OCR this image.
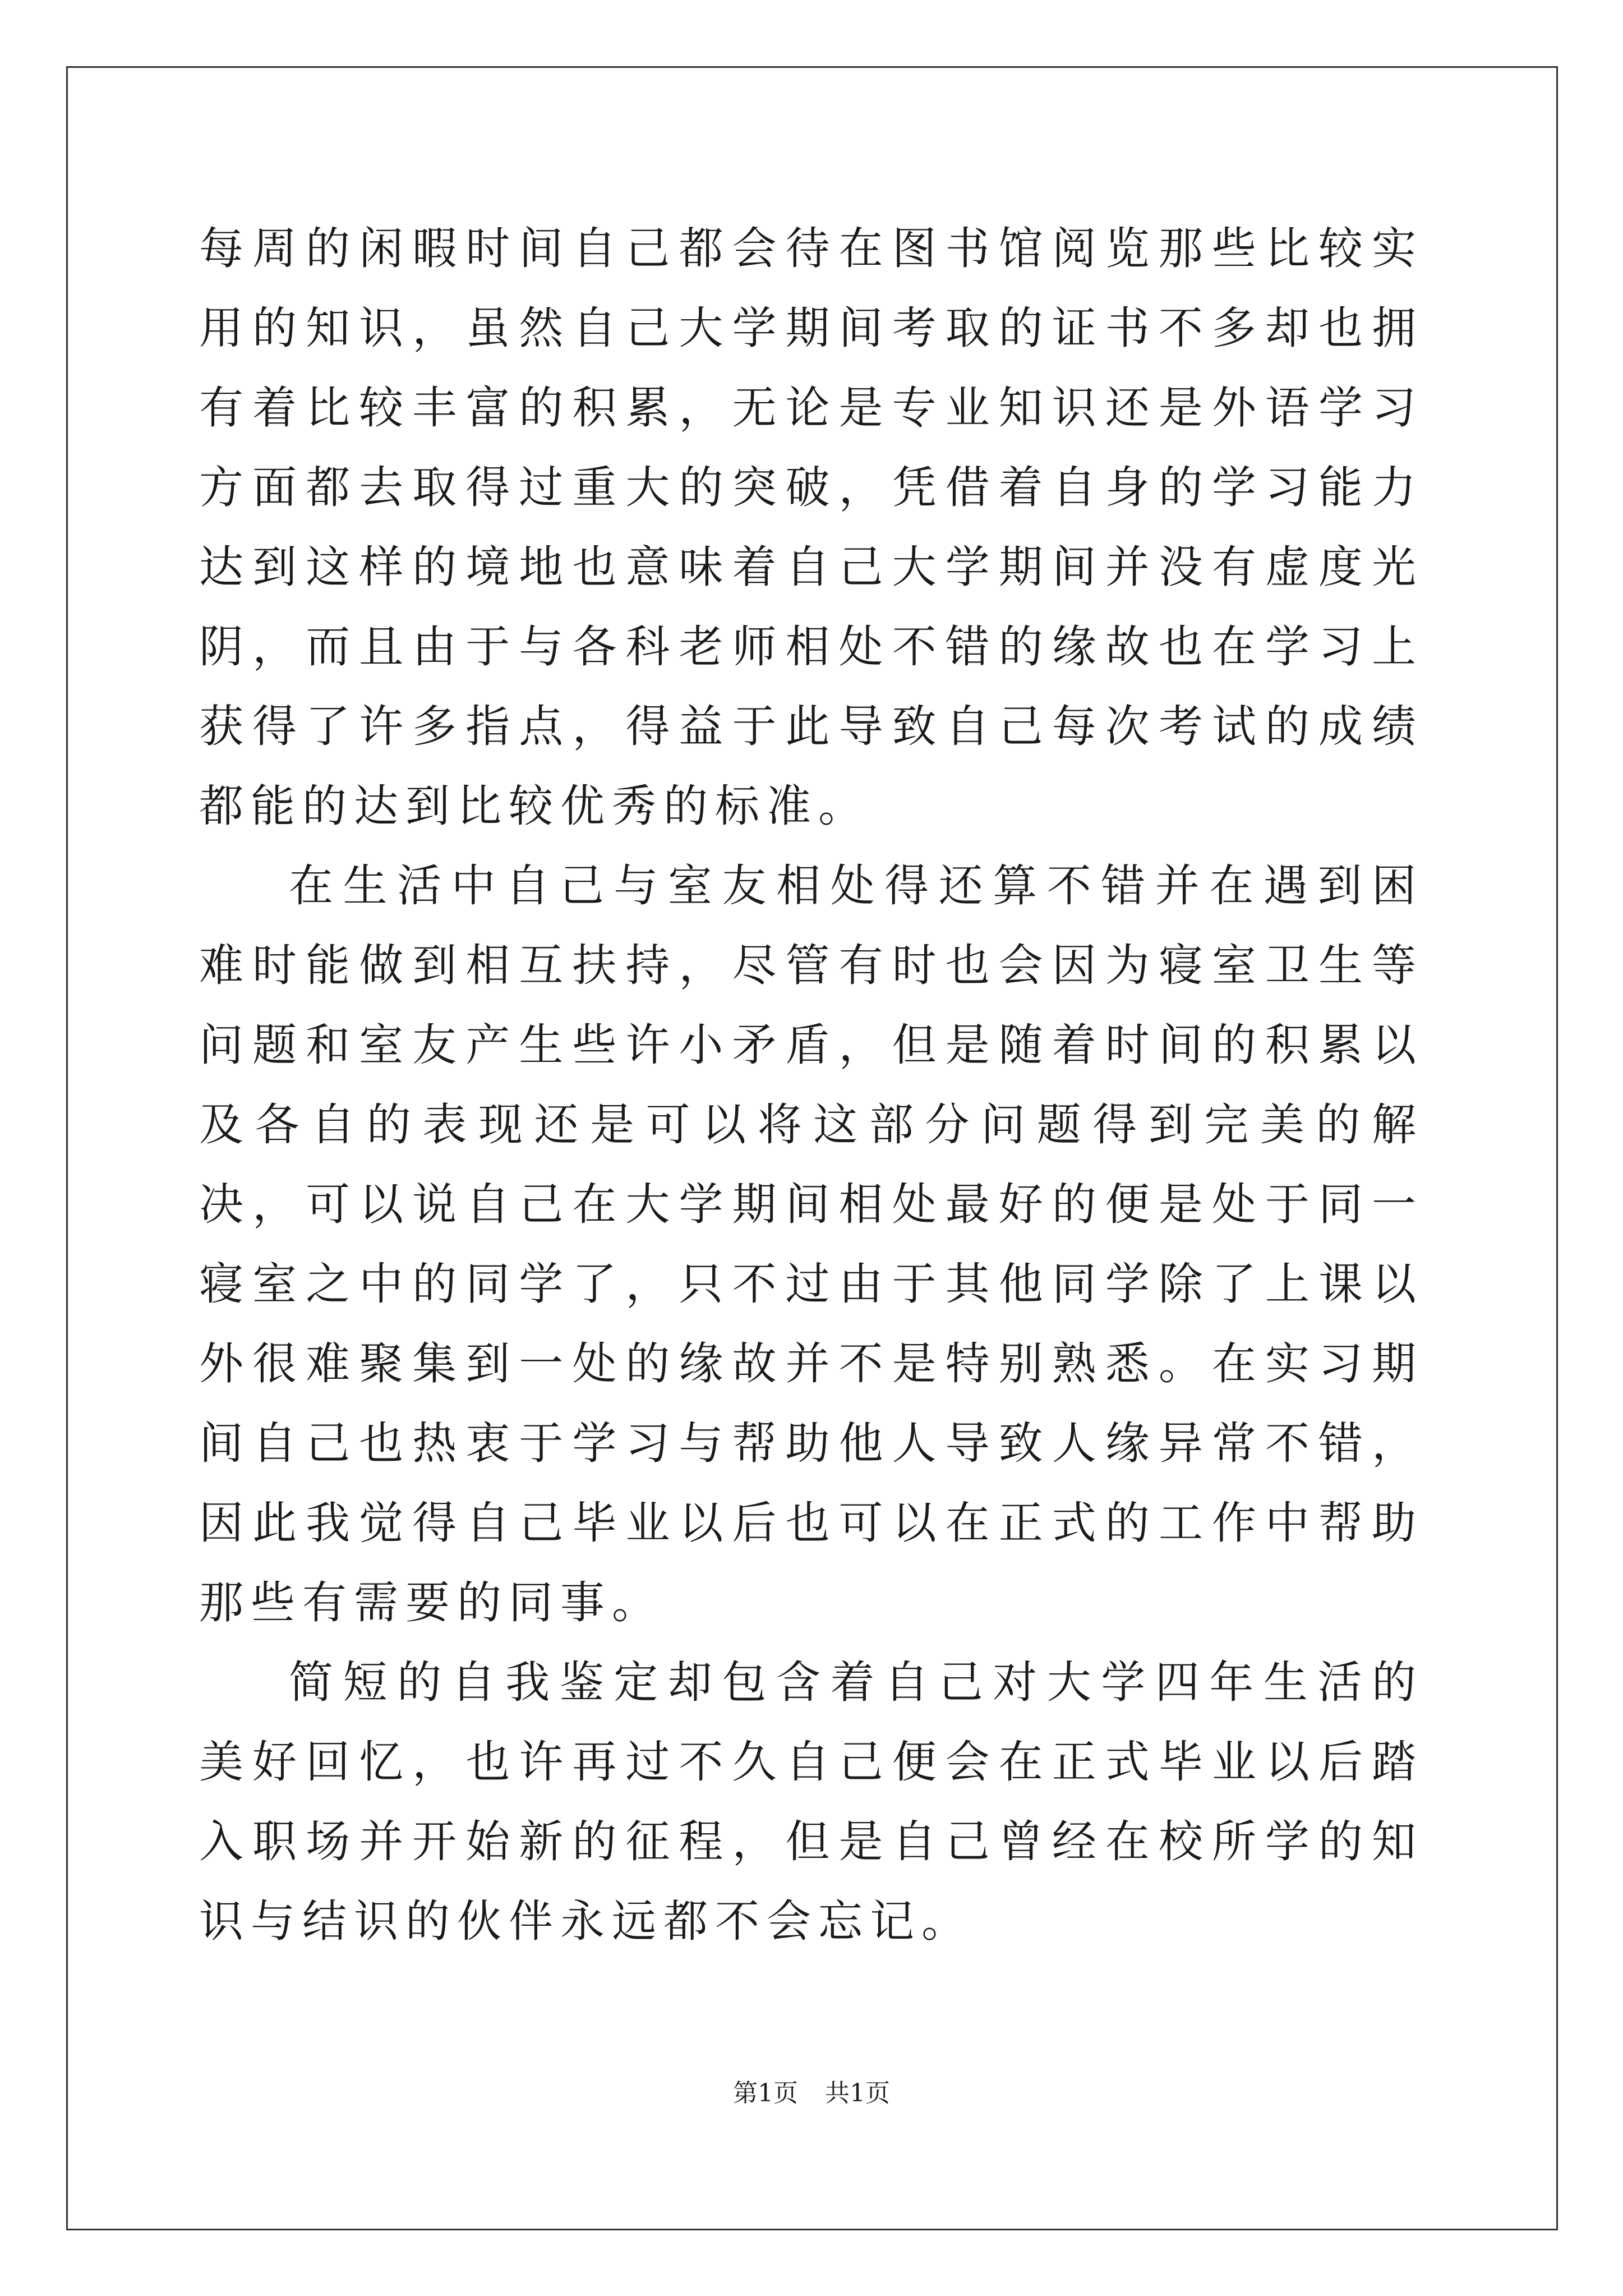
每周的闲暇时间自己都会待在图书馆阅览那些比较实用的知识，虽然自己大学期间考取的证书不多却也拥有着比较丰富的积累，无论是专业知识还是外语学习方面都去取得过重大的突破，凭借着自身的学习能力达到这样的境地也意味着自己大学期间并没有虚度光阴，而且由于与各科老师相处不错的缘故也在学习上获得了许多指点，得益于此导致自己每次考试的成绩都能的达到比较优秀的标准。

在生活中自己与室友相处得还算不错并在遇到困难时能做到相互扶持，尽管有时也会因为寝室卫生等问题和室友产生些许小矛盾，但是随着时间的积累以及各自的表现还是可以将这部分问题得到完美的解决，可以说自己在大学期间相处最好的便是处于同一寝室之中的同学了，只不过由于其他同学除了上课以外很难聚集到一处的缘故并不是特别熟悉。在实习期间自己也热衷于学习与帮助他人导致人缘异常不错，因此我觉得自己毕业以后也可以在正式的工作中帮助那些有需要的同事。

简短的自我鉴定却包含着自己对大学四年生活的美好回忆，也许再过不久自己便会在正式毕业以后踏入职场并开始新的征程，但是自己曾经在校所学的知识与结识的伙伴永远都不会忘记。

第1页 共1页
